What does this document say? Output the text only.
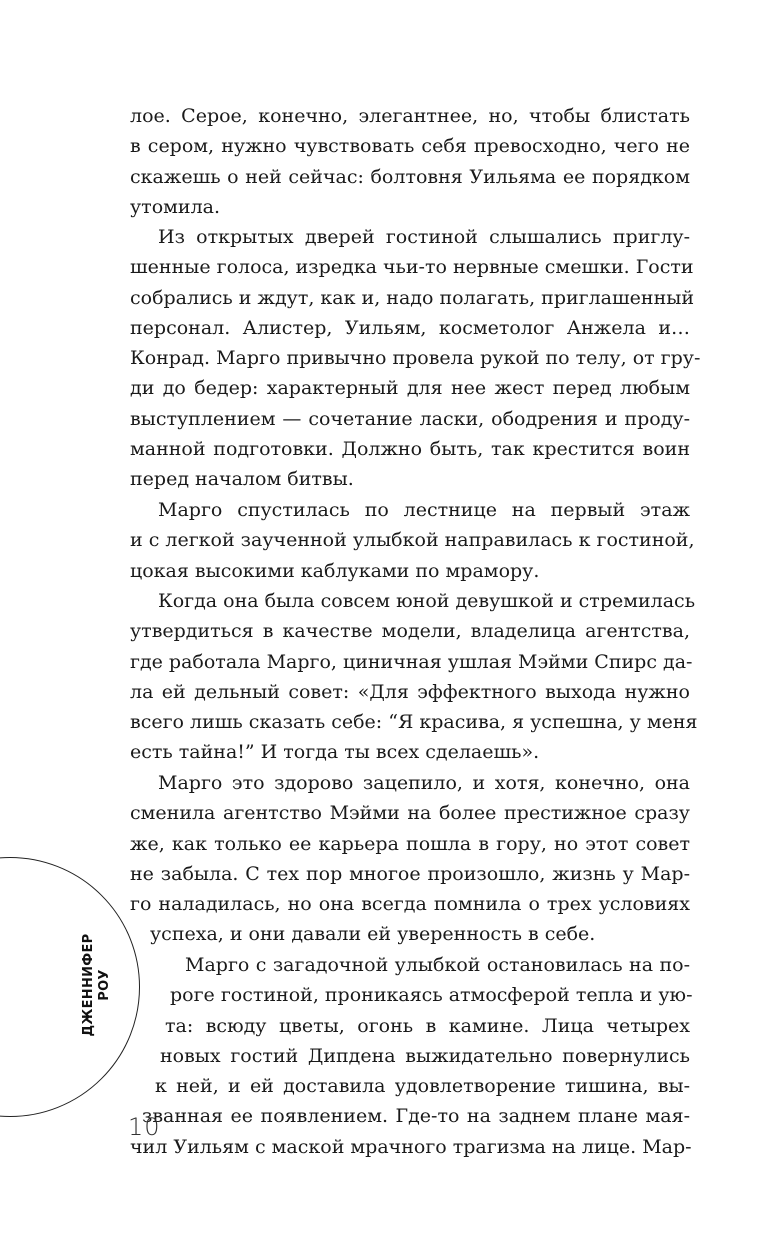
лое. Серое, конечно, элегантнее, но, чтобы блистать
в сером, нужно чувствовать себя превосходно, чего не
скажешь о ней сейчас: болтовня Уильяма ее порядком
утомила.
Из открытых дверей гостиной слышались приглу-
шенные голоса, изредка чьи-то нервные смешки. Гости
собрались и ждут, как и, надо полагать, приглашенный
персонал. Алистер, Уильям, косметолог Анжела и…
Конрад. Марго привычно провела рукой по телу, от гру-
ди до бедер: характерный для нее жест перед любым
выступлением — сочетание ласки, ободрения и проду-
манной подготовки. Должно быть, так крестится воин
перед началом битвы.
Марго спустилась по лестнице на первый этаж
и с легкой заученной улыбкой направилась к гостиной,
цокая высокими каблуками по мрамору.
Когда она была совсем юной девушкой и стремилась
утвердиться в качестве модели, владелица агентства,
где работала Марго, циничная ушлая Мэйми Спирс да-
ла ей дельный совет: «Для эффектного выхода нужно
всего лишь сказать себе: “Я красива, я успешна, у меня
есть тайна!” И тогда ты всех сделаешь».
Марго это здорово зацепило, и хотя, конечно, она
сменила агентство Мэйми на более престижное сразу
же, как только ее карьера пошла в гору, но этот совет
не забыла. С тех пор многое произошло, жизнь у Мар-
го наладилась, но она всегда помнила о трех условиях
успеха, и они давали ей уверенность в себе.
Марго с загадочной улыбкой остановилась на по-
роге гостиной, проникаясь атмосферой тепла и ую-
та: всюду цветы, огонь в камине. Лица четырех
новых гостий Дипдена выжидательно повернулись
к ней, и ей доставила удовлетворение тишина, вы-
званная ее появлением. Где-то на заднем плане мая-
чил Уильям с маской мрачного трагизма на лице. Мар-
ДЖЕННИФЕР РОУ
10
